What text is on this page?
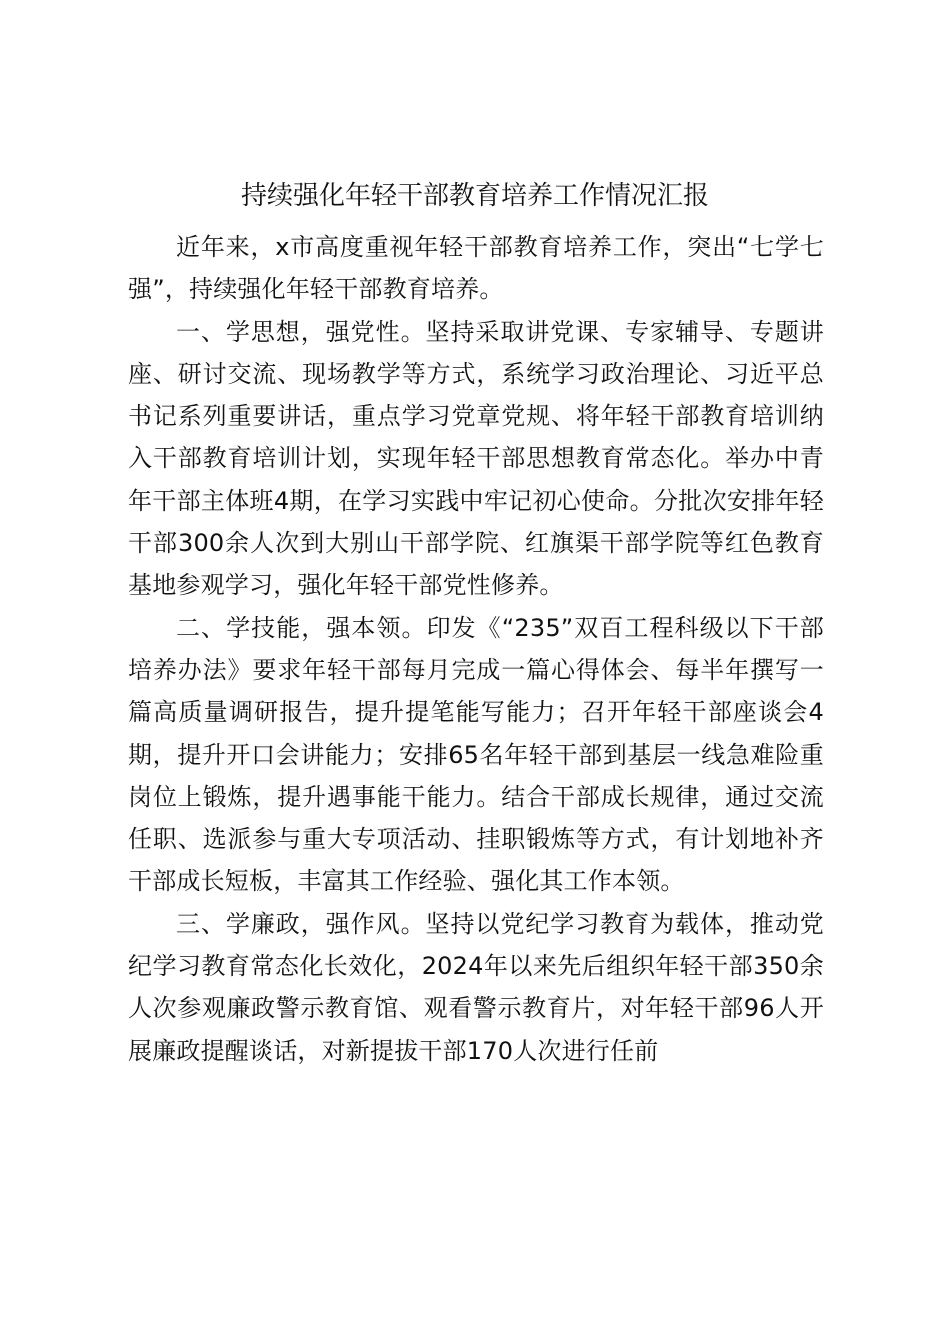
持续强化年轻干部教育培养工作情况汇报

近年来，x市高度重视年轻干部教育培养工作，突出“七学七强”，持续强化年轻干部教育培养。

一、学思想，强党性。坚持采取讲党课、专家辅导、专题讲座、研讨交流、现场教学等方式，系统学习政治理论、习近平总书记系列重要讲话，重点学习党章党规、将年轻干部教育培训纳入干部教育培训计划，实现年轻干部思想教育常态化。举办中青年干部主体班4期，在学习实践中牢记初心使命。分批次安排年轻干部300余人次到大别山干部学院、红旗渠干部学院等红色教育基地参观学习，强化年轻干部党性修养。

二、学技能，强本领。印发《“235”双百工程科级以下干部培养办法》要求年轻干部每月完成一篇心得体会、每半年撰写一篇高质量调研报告，提升提笔能写能力；召开年轻干部座谈会4期，提升开口会讲能力；安排65名年轻干部到基层一线急难险重岗位上锻炼，提升遇事能干能力。结合干部成长规律，通过交流任职、选派参与重大专项活动、挂职锻炼等方式，有计划地补齐干部成长短板，丰富其工作经验、强化其工作本领。

三、学廉政，强作风。坚持以党纪学习教育为载体，推动党纪学习教育常态化长效化，2024年以来先后组织年轻干部350余人次参观廉政警示教育馆、观看警示教育片，对年轻干部96人开展廉政提醒谈话，对新提拔干部170人次进行任前
